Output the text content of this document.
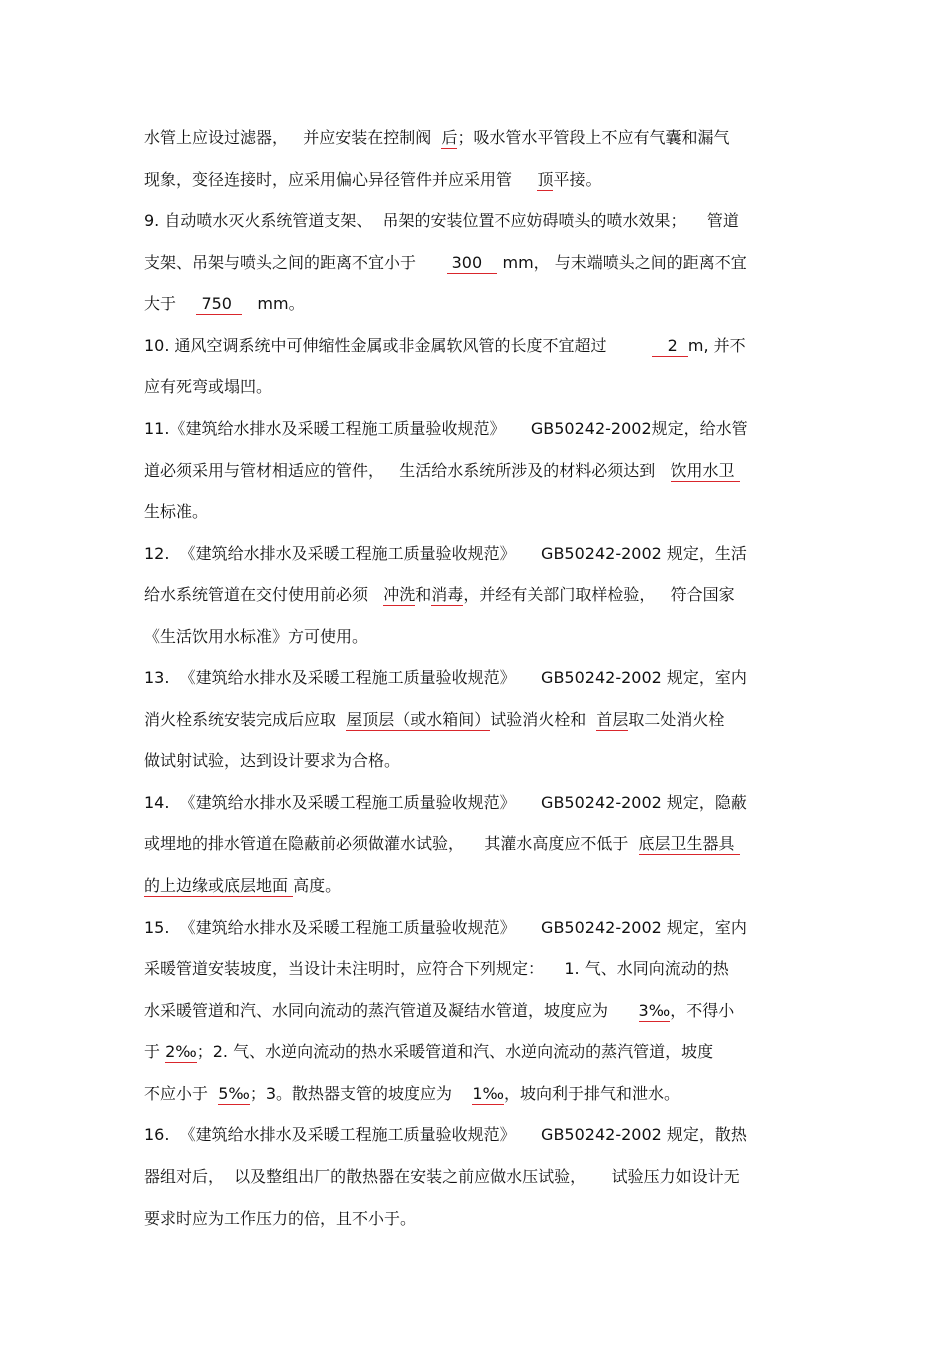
水管上应设过滤器，   并应安装在控制阀  后；吸水管水平管段上不应有气囊和漏气
现象，变径连接时，应采用偏心异径管件并应采用管     顶平接。
9. 自动喷水灭火系统管道支架、  吊架的安装位置不应妨碍喷头的喷水效果；    管道
支架、吊架与喷头之间的距离不宜小于       300    mm， 与末端喷头之间的距离不宜
大于     750     mm。
10. 通风空调系统中可伸缩性金属或非金属软风管的长度不宜超过            2  m, 并不
应有死弯或塌凹。
11.《建筑给水排水及采暖工程施工质量验收规范》     GB50242-2002规定，给水管
道必须采用与管材相适应的管件，   生活给水系统所涉及的材料必须达到   饮用水卫
生标准。
12.  《建筑给水排水及采暖工程施工质量验收规范》     GB50242-2002 规定，生活
给水系统管道在交付使用前必须   冲洗和消毒，并经有关部门取样检验，   符合国家
《生活饮用水标准》方可使用。
13.  《建筑给水排水及采暖工程施工质量验收规范》     GB50242-2002 规定，室内
消火栓系统安装完成后应取  屋顶层（或水箱间）试验消火栓和  首层取二处消火栓
做试射试验，达到设计要求为合格。
14.  《建筑给水排水及采暖工程施工质量验收规范》     GB50242-2002 规定，隐蔽
或埋地的排水管道在隐蔽前必须做灌水试验，    其灌水高度应不低于  底层卫生器具
的上边缘或底层地面 高度。
15.  《建筑给水排水及采暖工程施工质量验收规范》     GB50242-2002 规定，室内
采暖管道安装坡度，当设计未注明时，应符合下列规定：    1. 气、水同向流动的热
水采暖管道和汽、水同向流动的蒸汽管道及凝结水管道，坡度应为      3‰，不得小
于 2‰；2. 气、水逆向流动的热水采暖管道和汽、水逆向流动的蒸汽管道，坡度
不应小于  5‰；3。散热器支管的坡度应为    1‰，坡向利于排气和泄水。
16.  《建筑给水排水及采暖工程施工质量验收规范》     GB50242-2002 规定，散热
器组对后，  以及整组出厂的散热器在安装之前应做水压试验，     试验压力如设计无
要求时应为工作压力的倍，且不小于。
